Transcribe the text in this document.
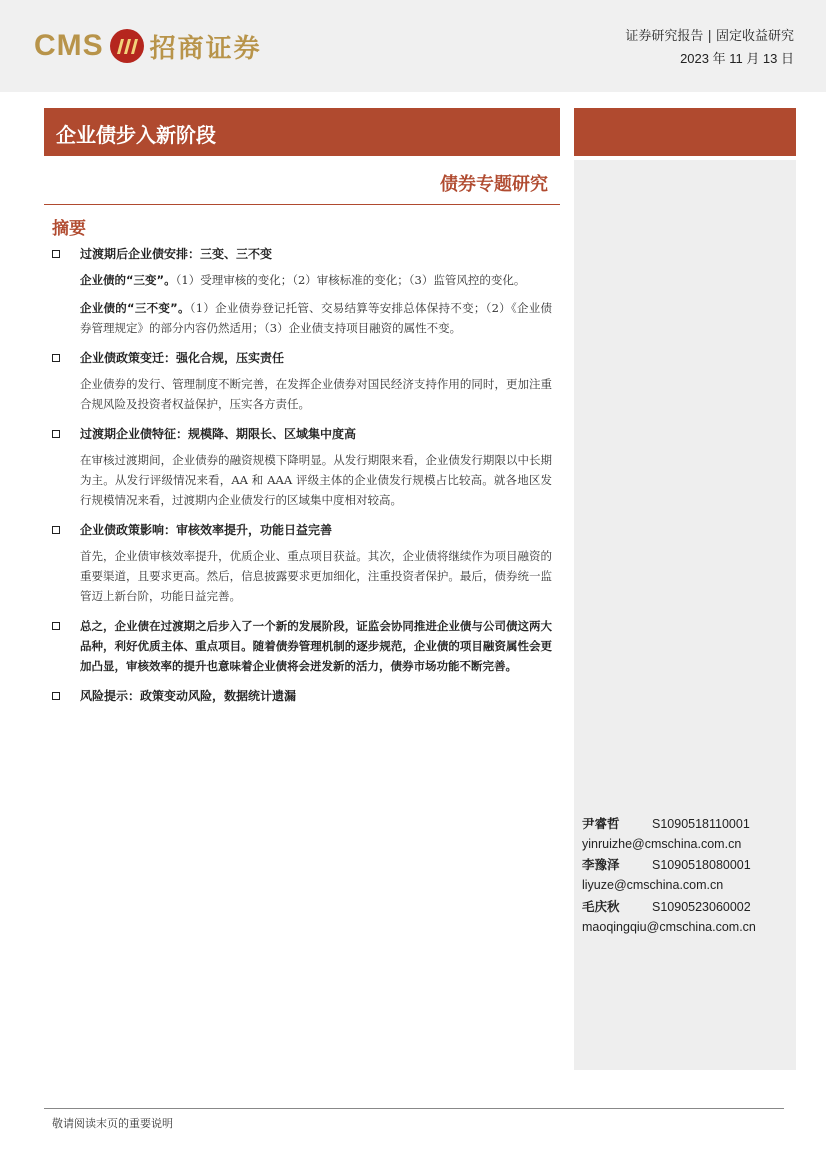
CMS 招商证券	证券研究报告 | 固定收益研究
2023 年 11 月 13 日
企业债步入新阶段
债券专题研究
摘要
过渡期后企业债安排：三变、三不变
企业债的“三变”。（1）受理审核的变化；（2）审核标准的变化；（3）监管风控的变化。
企业债的“三不变”。（1）企业债券登记托管、交易结算等安排总体保持不变；（2）《企业债券管理规定》的部分内容仍然适用；（3）企业债支持项目融资的属性不变。
企业债政策变迁：强化合规，压实责任
企业债券的发行、管理制度不断完善，在发挥企业债券对国民经济支持作用的同时，更加注重合规风险及投资者权益保护，压实各方责任。
过渡期企业债特征：规模降、期限长、区域集中度高
在审核过渡期间，企业债券的融资规模下降明显。从发行期限来看，企业债发行期限以中长期为主。从发行评级情况来看，AA 和 AAA 评级主体的企业债发行规模占比较高。就各地区发行规模情况来看，过渡期内企业债发行的区域集中度相对较高。
企业债政策影响：审核效率提升，功能日益完善
首先，企业债审核效率提升，优质企业、重点项目获益。其次，企业债将继续作为项目融资的重要渠道，且要求更高。然后，信息披露要求更加细化，注重投资者保护。最后，债券统一监管迈上新台阶，功能日益完善。
总之，企业债在过渡期之后步入了一个新的发展阶段，证监会协同推进企业债与公司债这两大品种，利好优质主体、重点项目。随着债券管理机制的逐步规范，企业债的项目融资属性会更加凸显，审核效率的提升也意味着企业债将会迸发新的活力，债券市场功能不断完善。
风险提示：政策变动风险，数据统计遗漏
尹睿哲	S1090518110001
yinruizhe@cmschina.com.cn
李豫泽	S1090518080001
liyuze@cmschina.com.cn
毛庆秋	S1090523060002
maoqingqiu@cmschina.com.cn
敬请阅读末页的重要说明
